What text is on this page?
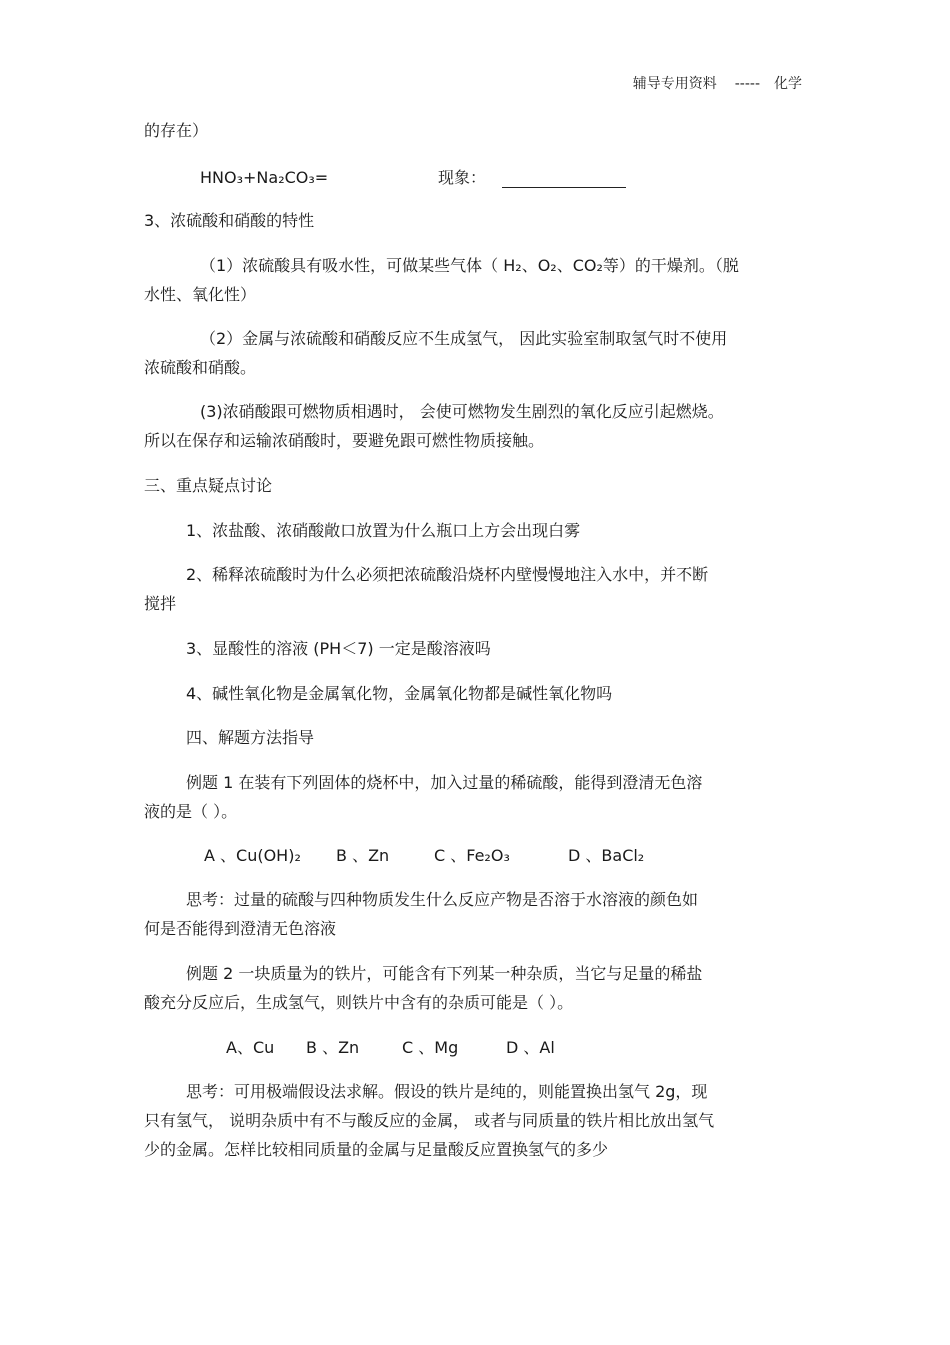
辅导专用资料 ----- 化学
的存在）
HNO₃+Na₂CO₃=	现象：
3、浓硫酸和硝酸的特性
（1）浓硫酸具有吸水性，可做某些气体（ H₂、O₂、CO₂等）的干燥剂。（脱
水性、氧化性）
（2）金属与浓硫酸和硝酸反应不生成氢气， 因此实验室制取氢气时不使用
浓硫酸和硝酸。
(3)浓硝酸跟可燃物质相遇时， 会使可燃物发生剧烈的氧化反应引起燃烧。
所以在保存和运输浓硝酸时，要避免跟可燃性物质接触。
三、重点疑点讨论
1、浓盐酸、浓硝酸敞口放置为什么瓶口上方会出现白雾
2、稀释浓硫酸时为什么必须把浓硫酸沿烧杯内壁慢慢地注入水中，并不断
搅拌
3、显酸性的溶液 (PH＜7) 一定是酸溶液吗
4、碱性氧化物是金属氧化物，金属氧化物都是碱性氧化物吗
四、解题方法指导
例题 1 在装有下列固体的烧杯中，加入过量的稀硫酸，能得到澄清无色溶
液的是（ ）。
A 、Cu(OH)₂ B 、Zn	C 、Fe₂O₃	D 、BaCl₂
思考：过量的硫酸与四种物质发生什么反应产物是否溶于水溶液的颜色如
何是否能得到澄清无色溶液
例题 2 一块质量为的铁片，可能含有下列某一种杂质，当它与足量的稀盐
酸充分反应后，生成氢气，则铁片中含有的杂质可能是（ ）。
A、Cu B 、Zn	C 、Mg	D 、Al
思考：可用极端假设法求解。假设的铁片是纯的，则能置换出氢气 2g，现
只有氢气， 说明杂质中有不与酸反应的金属， 或者与同质量的铁片相比放出氢气
少的金属。怎样比较相同质量的金属与足量酸反应置换氢气的多少
